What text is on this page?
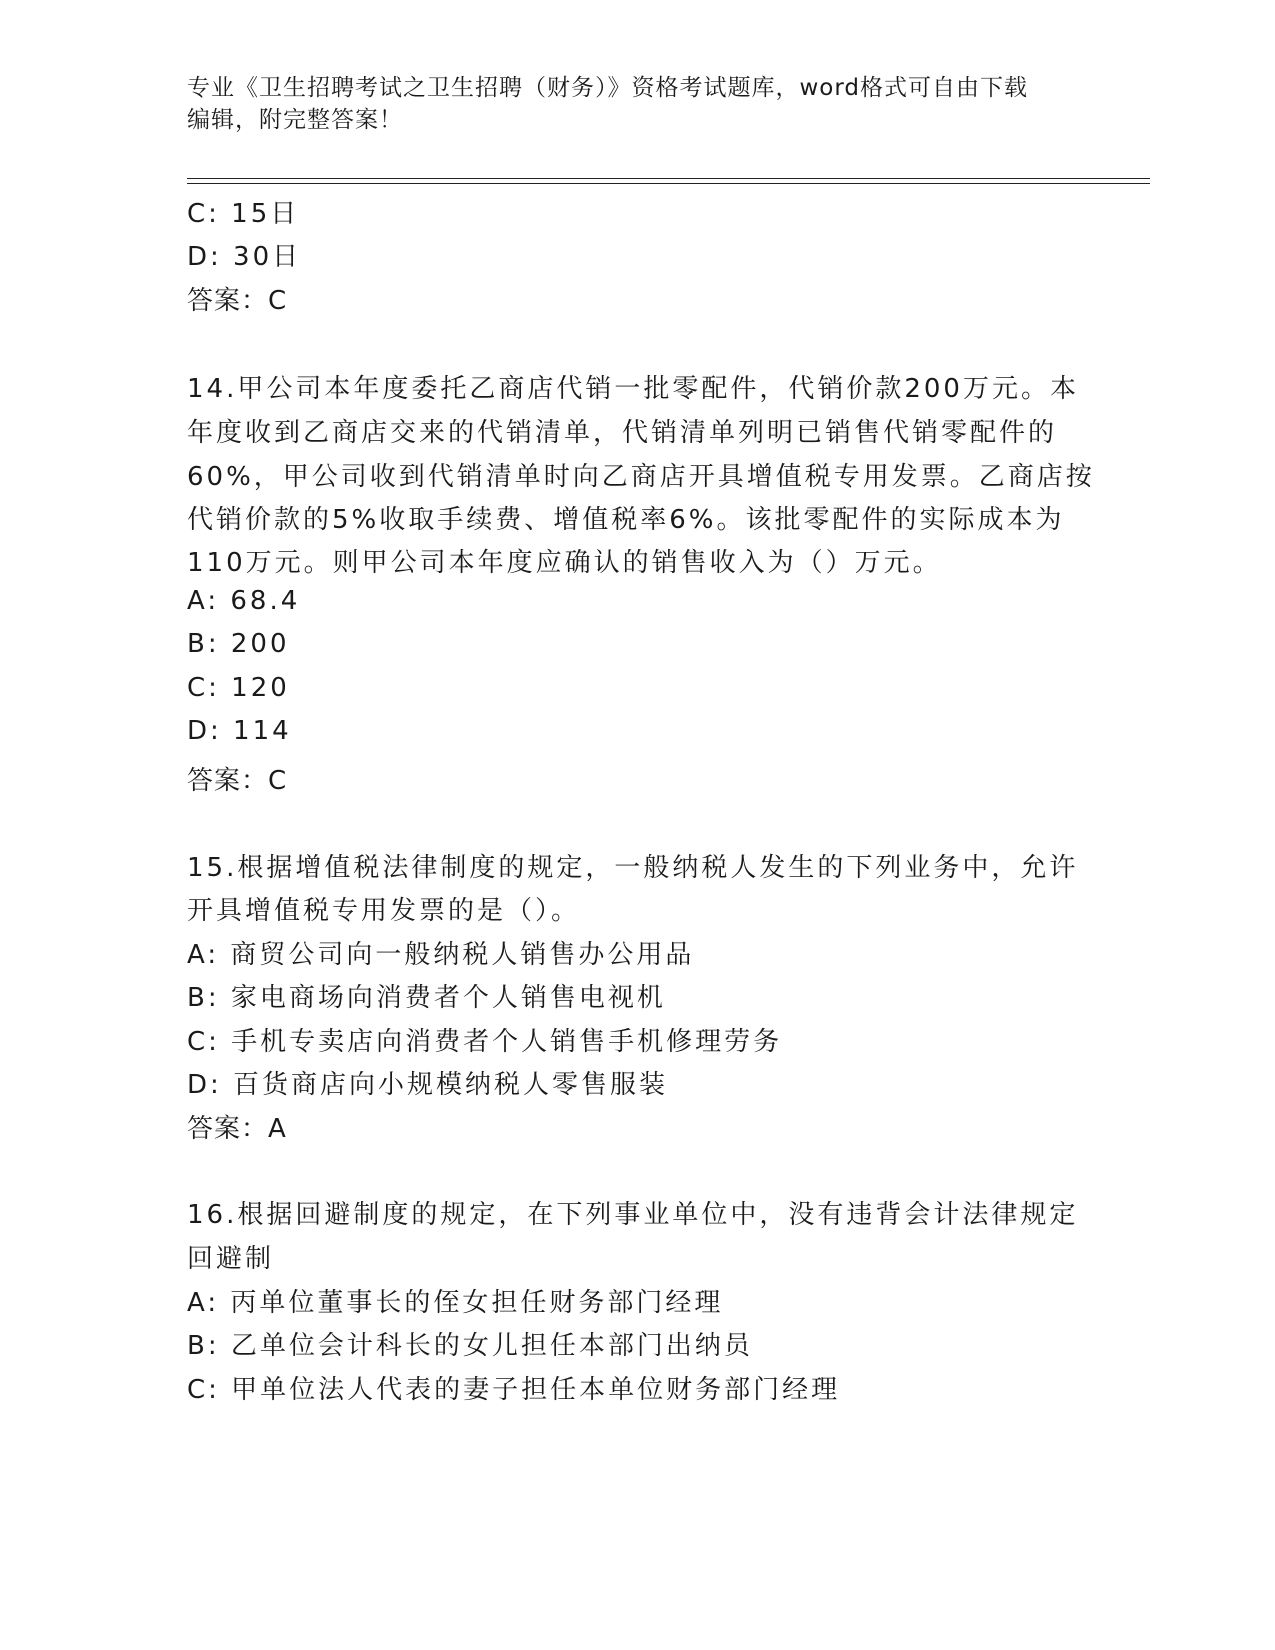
专业《卫生招聘考试之卫生招聘（财务）》资格考试题库，word格式可自由下载
编辑，附完整答案！
C: 15日
D: 30日
答案：C
14.甲公司本年度委托乙商店代销一批零配件，代销价款200万元。本
年度收到乙商店交来的代销清单，代销清单列明已销售代销零配件的
60%，甲公司收到代销清单时向乙商店开具增值税专用发票。乙商店按
代销价款的5%收取手续费、增值税率6%。该批零配件的实际成本为
110万元。则甲公司本年度应确认的销售收入为（）万元。
A: 68.4
B: 200
C: 120
D: 114
答案：C
15.根据增值税法律制度的规定，一般纳税人发生的下列业务中，允许
开具增值税专用发票的是（）。
A: 商贸公司向一般纳税人销售办公用品
B: 家电商场向消费者个人销售电视机
C: 手机专卖店向消费者个人销售手机修理劳务
D: 百货商店向小规模纳税人零售服装
答案：A
16.根据回避制度的规定，在下列事业单位中，没有违背会计法律规定
回避制
A: 丙单位董事长的侄女担任财务部门经理
B: 乙单位会计科长的女儿担任本部门出纳员
C: 甲单位法人代表的妻子担任本单位财务部门经理
